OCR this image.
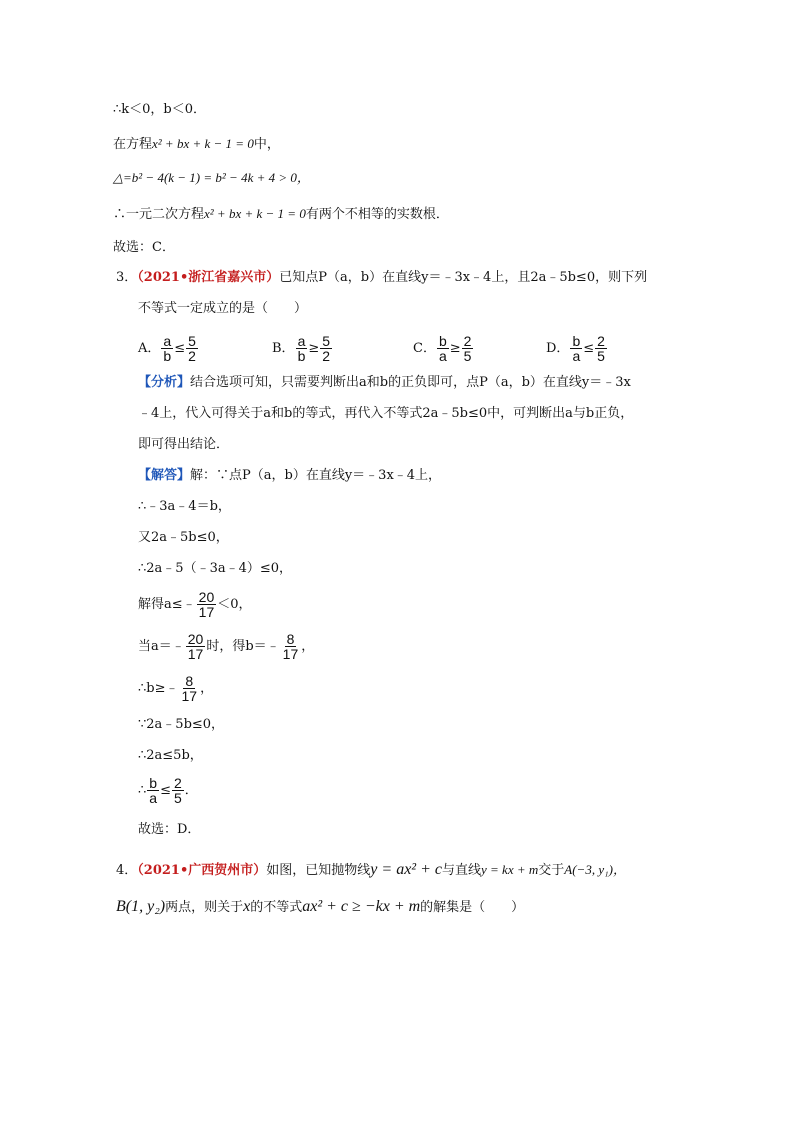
∴k＜0，b＜0．
在方程x² + bx + k − 1 = 0中，
△=b² − 4(k − 1) = b² − 4k + 4 > 0，
∴一元二次方程x² + bx + k − 1 = 0有两个不相等的实数根．
故选：C．
3．（2021•浙江省嘉兴市）已知点P（a，b）在直线y＝﹣3x﹣4上，且2a﹣5b≤0，则下列
不等式一定成立的是（　　）
A． $\frac{a}{b} \le \frac{5}{2}$	B． $\frac{a}{b} \ge \frac{5}{2}$	C． $\frac{b}{a} \ge \frac{2}{5}$	D． $\frac{b}{a} \le \frac{2}{5}$
【分析】结合选项可知，只需要判断出a和b的正负即可，点P（a，b）在直线y＝﹣3x
﹣4上，代入可得关于a和b的等式，再代入不等式2a﹣5b≤0中，可判断出a与b正负，
即可得出结论．
【解答】解：∵点P（a，b）在直线y＝﹣3x﹣4上，
∴﹣3a﹣4＝b，
又2a﹣5b≤0，
∴2a﹣5（﹣3a﹣4）≤0，
解得a≤﹣ $\frac{20}{17} <0$，
当a＝﹣ $\frac{20}{17}$ 时，得b＝﹣ $\frac{8}{17}$ ，
∴b≥﹣ $\frac{8}{17}$ ，
∵2a﹣5b≤0，
∴2a≤5b，
∴ $\frac{b}{a} \le \frac{2}{5}$ ．
故选：D．
4．（2021•广西贺州市）如图，已知抛物线y = ax² + c与直线y = kx + m交于A(−3, y₁)，
B(1, y₂)两点，则关于x的不等式ax² + c ≥ −kx + m的解集是（　　）
